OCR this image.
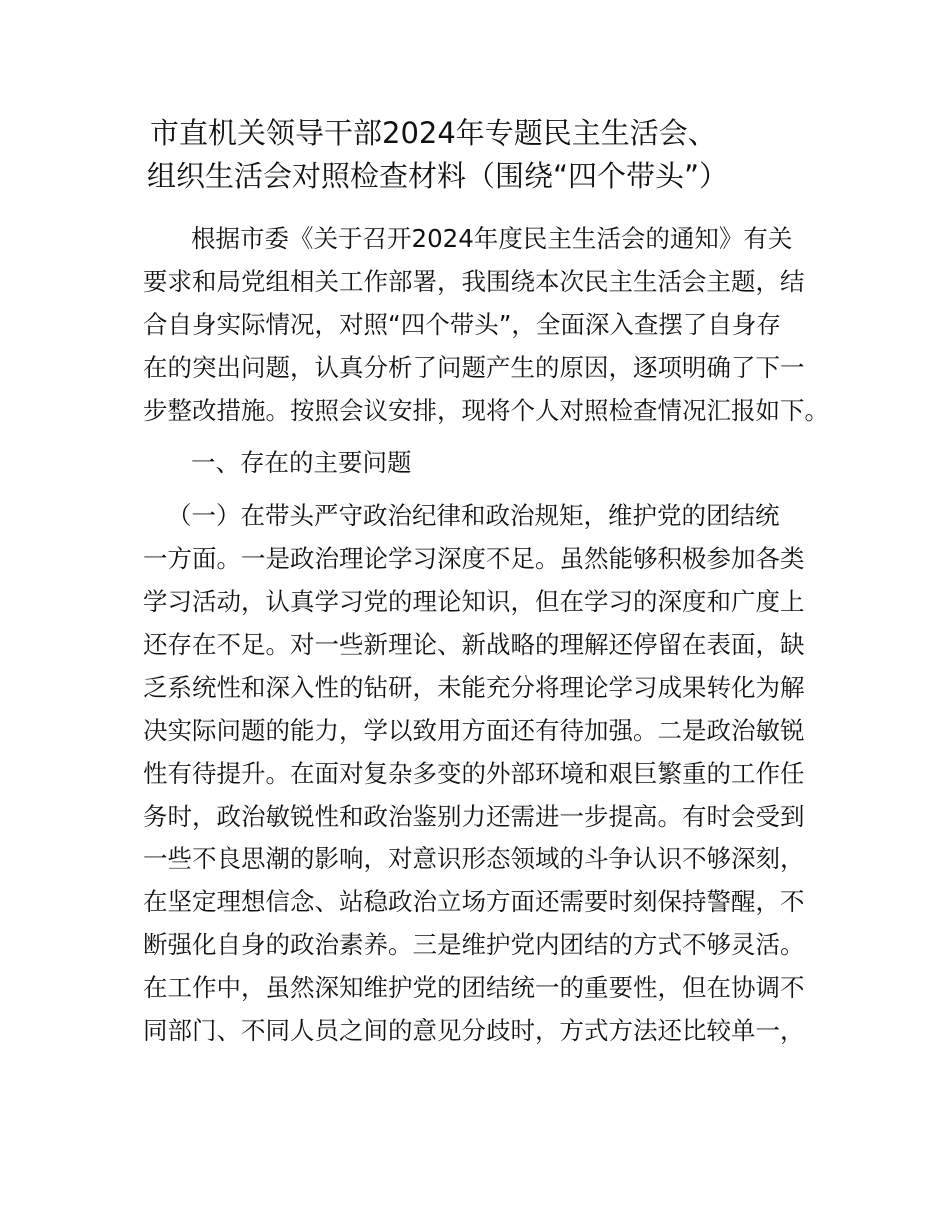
市直机关领导干部2024年专题民主生活会、
组织生活会对照检查材料（围绕“四个带头”）
根据市委《关于召开2024年度民主生活会的通知》有关
要求和局党组相关工作部署，我围绕本次民主生活会主题，结
合自身实际情况，对照“四个带头”，全面深入查摆了自身存
在的突出问题，认真分析了问题产生的原因，逐项明确了下一
步整改措施。按照会议安排，现将个人对照检查情况汇报如下。
一、存在的主要问题
（一）在带头严守政治纪律和政治规矩，维护党的团结统
一方面。一是政治理论学习深度不足。虽然能够积极参加各类
学习活动，认真学习党的理论知识，但在学习的深度和广度上
还存在不足。对一些新理论、新战略的理解还停留在表面，缺
乏系统性和深入性的钻研，未能充分将理论学习成果转化为解
决实际问题的能力，学以致用方面还有待加强。二是政治敏锐
性有待提升。在面对复杂多变的外部环境和艰巨繁重的工作任
务时，政治敏锐性和政治鉴别力还需进一步提高。有时会受到
一些不良思潮的影响，对意识形态领域的斗争认识不够深刻，
在坚定理想信念、站稳政治立场方面还需要时刻保持警醒，不
断强化自身的政治素养。三是维护党内团结的方式不够灵活。
在工作中，虽然深知维护党的团结统一的重要性，但在协调不
同部门、不同人员之间的意见分歧时，方式方法还比较单一，
